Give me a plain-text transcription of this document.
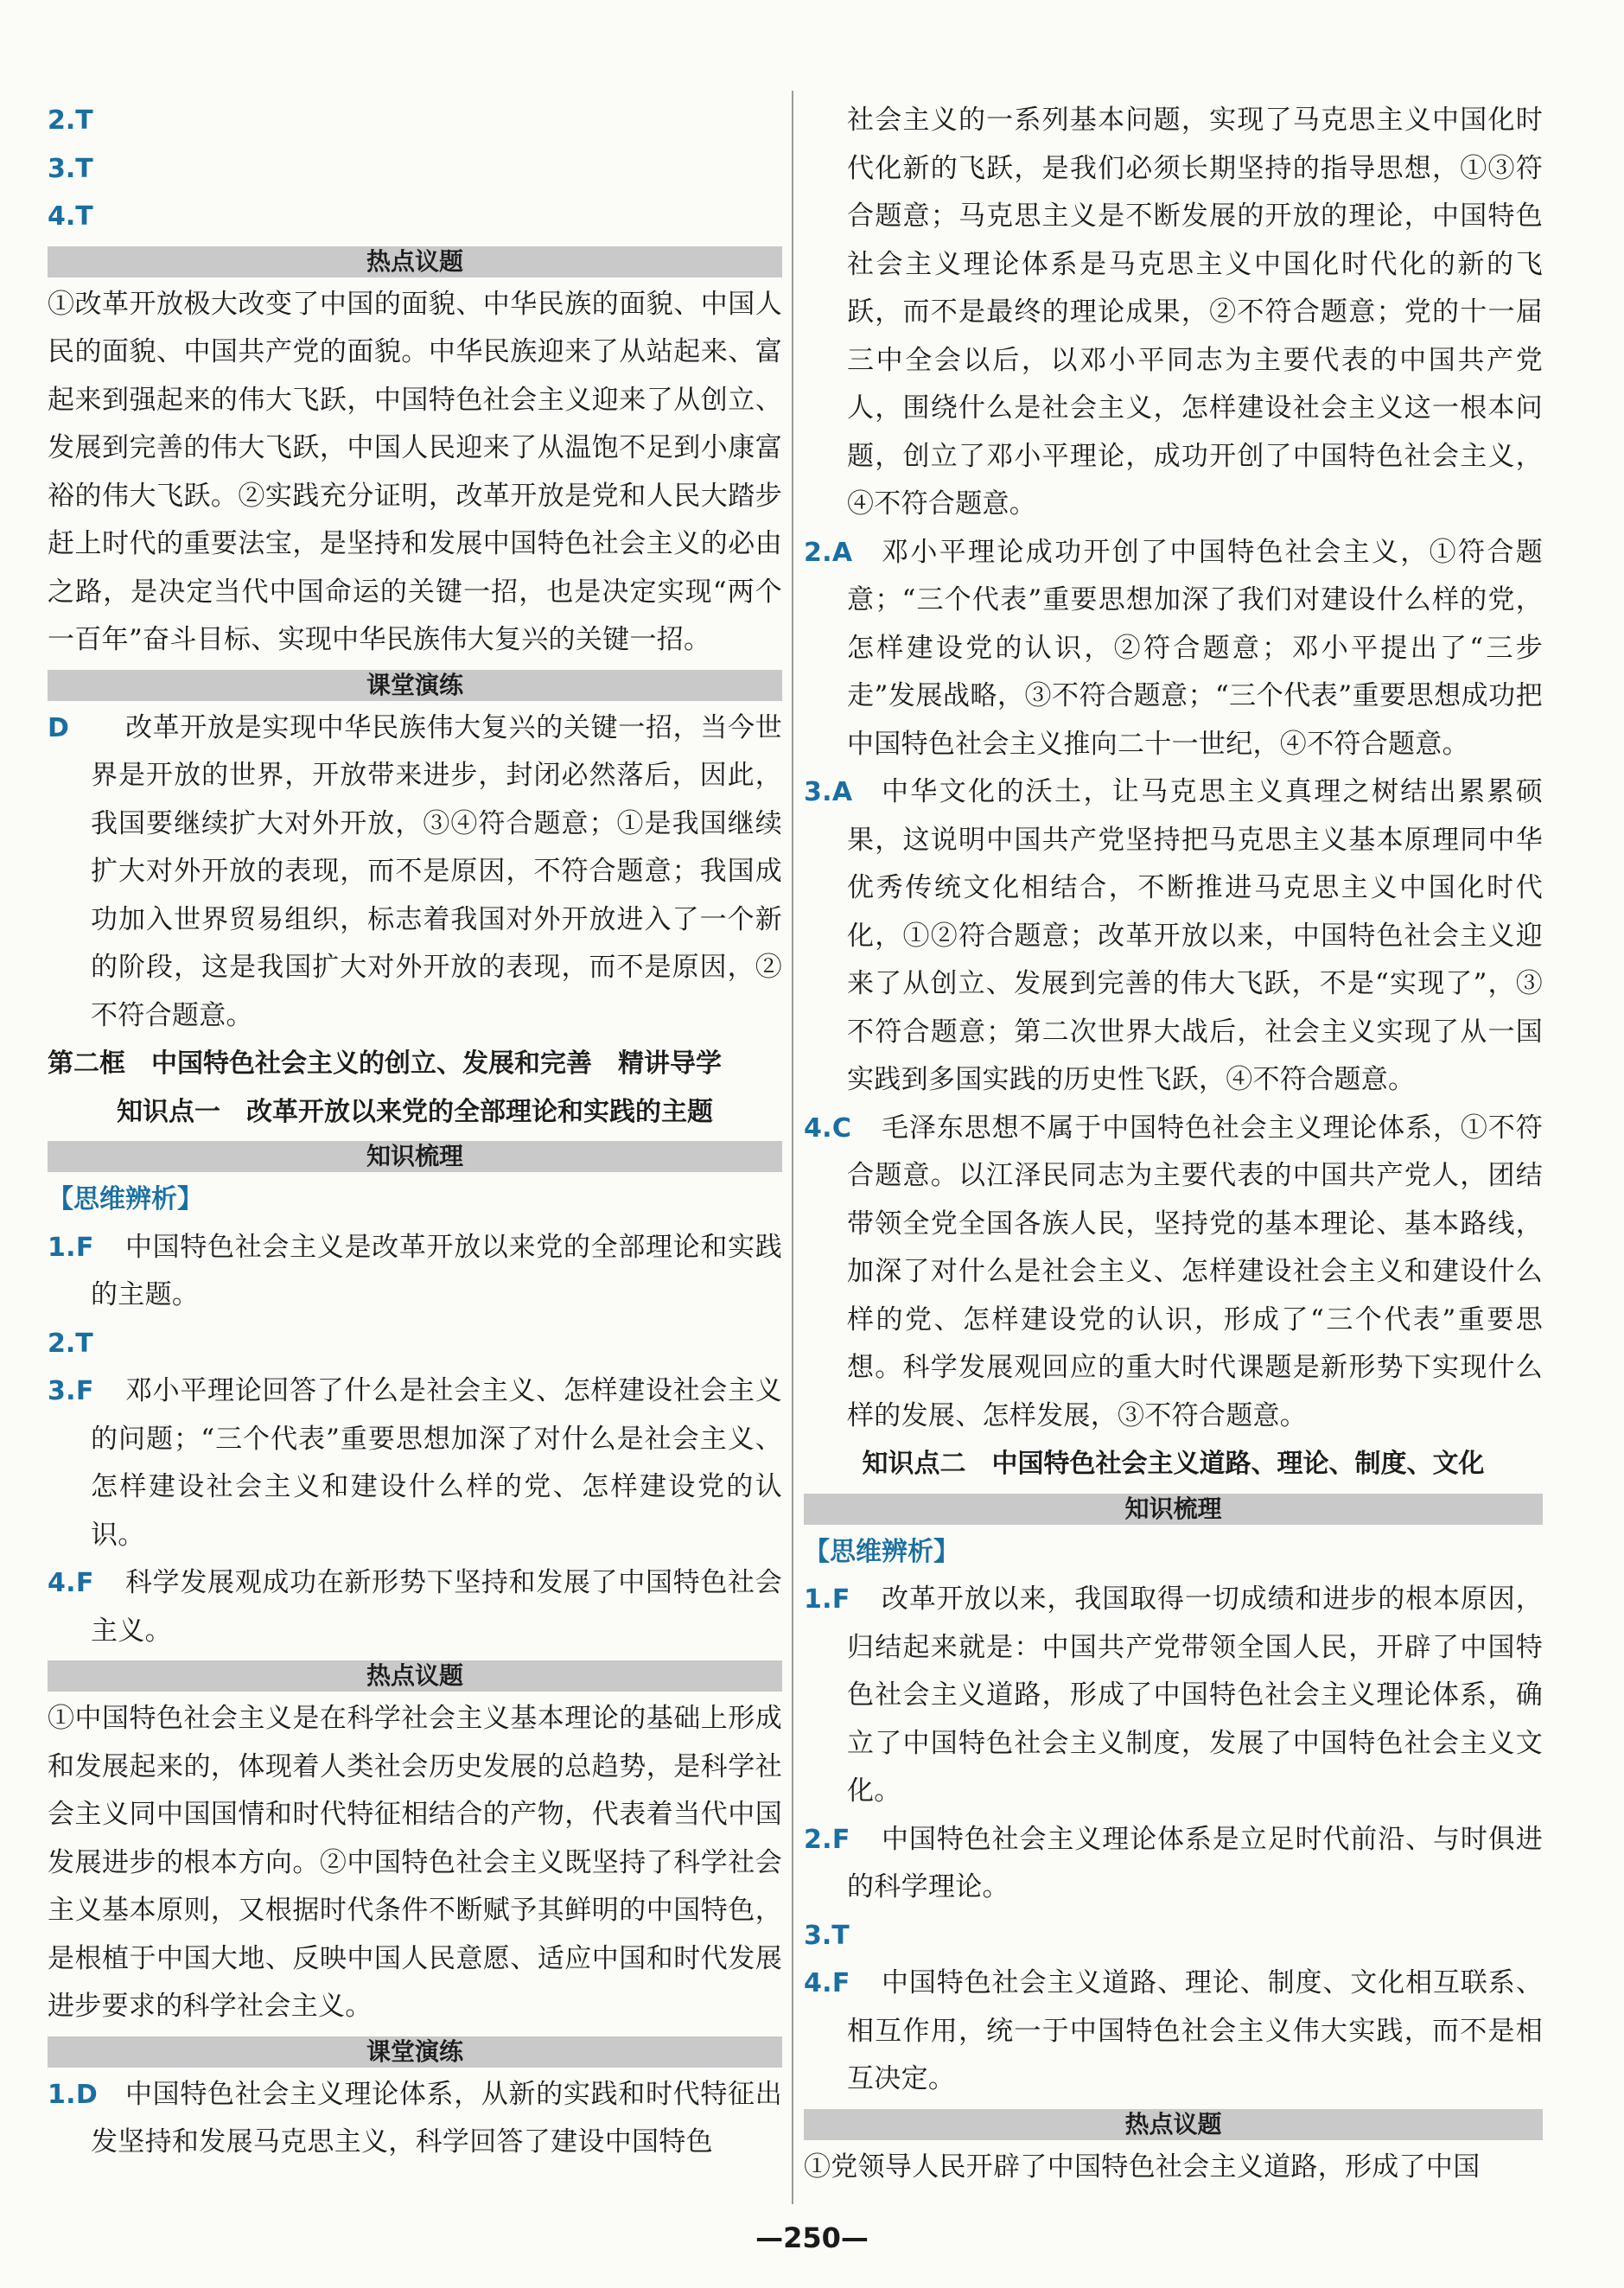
2.T

3.T

4.T

热点议题

①改革开放极大改变了中国的面貌、中华民族的面貌、中国人民的面貌、中国共产党的面貌。中华民族迎来了从站起来、富起来到强起来的伟大飞跃，中国特色社会主义迎来了从创立、发展到完善的伟大飞跃，中国人民迎来了从温饱不足到小康富裕的伟大飞跃。②实践充分证明，改革开放是党和人民大踏步赶上时代的重要法宝，是坚持和发展中国特色社会主义的必由之路，是决定当代中国命运的关键一招，也是决定实现“两个一百年”奋斗目标、实现中华民族伟大复兴的关键一招。

课堂演练

D 改革开放是实现中华民族伟大复兴的关键一招，当今世界是开放的世界，开放带来进步，封闭必然落后，因此，我国要继续扩大对外开放，③④符合题意；①是我国继续扩大对外开放的表现，而不是原因，不符合题意；我国成功加入世界贸易组织，标志着我国对外开放进入了一个新的阶段，这是我国扩大对外开放的表现，而不是原因，②不符合题意。

第二框　中国特色社会主义的创立、发展和完善　精讲导学

知识点一　改革开放以来党的全部理论和实践的主题

知识梳理

【思维辨析】

1.F 中国特色社会主义是改革开放以来党的全部理论和实践的主题。

2.T

3.F 邓小平理论回答了什么是社会主义、怎样建设社会主义的问题；“三个代表”重要思想加深了对什么是社会主义、怎样建设社会主义和建设什么样的党、怎样建设党的认识。

4.F 科学发展观成功在新形势下坚持和发展了中国特色社会主义。

热点议题

①中国特色社会主义是在科学社会主义基本理论的基础上形成和发展起来的，体现着人类社会历史发展的总趋势，是科学社会主义同中国国情和时代特征相结合的产物，代表着当代中国发展进步的根本方向。②中国特色社会主义既坚持了科学社会主义基本原则，又根据时代条件不断赋予其鲜明的中国特色，是根植于中国大地、反映中国人民意愿、适应中国和时代发展进步要求的科学社会主义。

课堂演练

1.D 中国特色社会主义理论体系，从新的实践和时代特征出发坚持和发展马克思主义，科学回答了建设中国特色

社会主义的一系列基本问题，实现了马克思主义中国化时代化新的飞跃，是我们必须长期坚持的指导思想，①③符合题意；马克思主义是不断发展的开放的理论，中国特色社会主义理论体系是马克思主义中国化时代化的新的飞跃，而不是最终的理论成果，②不符合题意；党的十一届三中全会以后，以邓小平同志为主要代表的中国共产党人，围绕什么是社会主义，怎样建设社会主义这一根本问题，创立了邓小平理论，成功开创了中国特色社会主义，④不符合题意。

2.A 邓小平理论成功开创了中国特色社会主义，①符合题意；“三个代表”重要思想加深了我们对建设什么样的党，怎样建设党的认识，②符合题意；邓小平提出了“三步走”发展战略，③不符合题意；“三个代表”重要思想成功把中国特色社会主义推向二十一世纪，④不符合题意。

3.A 中华文化的沃土，让马克思主义真理之树结出累累硕果，这说明中国共产党坚持把马克思主义基本原理同中华优秀传统文化相结合，不断推进马克思主义中国化时代化，①②符合题意；改革开放以来，中国特色社会主义迎来了从创立、发展到完善的伟大飞跃，不是“实现了”，③不符合题意；第二次世界大战后，社会主义实现了从一国实践到多国实践的历史性飞跃，④不符合题意。

4.C 毛泽东思想不属于中国特色社会主义理论体系，①不符合题意。以江泽民同志为主要代表的中国共产党人，团结带领全党全国各族人民，坚持党的基本理论、基本路线，加深了对什么是社会主义、怎样建设社会主义和建设什么样的党、怎样建设党的认识，形成了“三个代表”重要思想。科学发展观回应的重大时代课题是新形势下实现什么样的发展、怎样发展，③不符合题意。

知识点二　中国特色社会主义道路、理论、制度、文化

知识梳理

【思维辨析】

1.F 改革开放以来，我国取得一切成绩和进步的根本原因，归结起来就是：中国共产党带领全国人民，开辟了中国特色社会主义道路，形成了中国特色社会主义理论体系，确立了中国特色社会主义制度，发展了中国特色社会主义文化。

2.F 中国特色社会主义理论体系是立足时代前沿、与时俱进的科学理论。

3.T

4.F 中国特色社会主义道路、理论、制度、文化相互联系、相互作用，统一于中国特色社会主义伟大实践，而不是相互决定。

热点议题

①党领导人民开辟了中国特色社会主义道路，形成了中国

—250—
